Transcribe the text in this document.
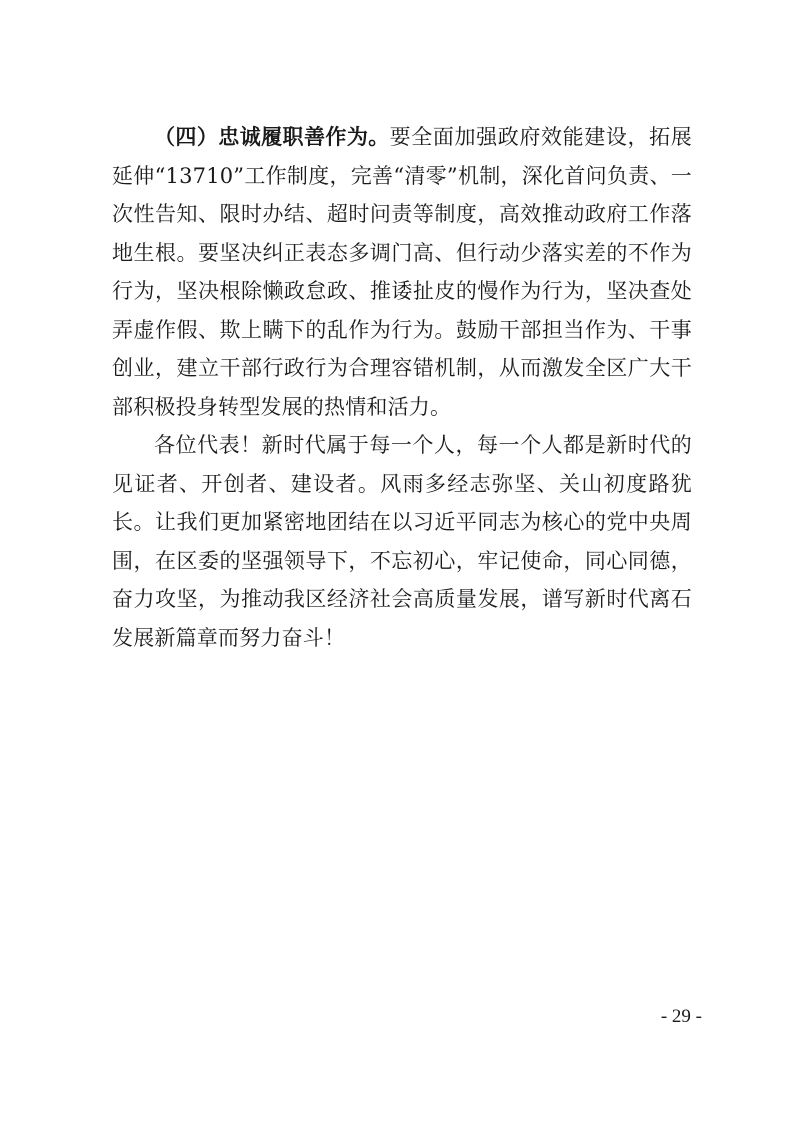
（四）忠诚履职善作为。要全面加强政府效能建设，拓展延伸“13710”工作制度，完善“清零”机制，深化首问负责、一次性告知、限时办结、超时问责等制度，高效推动政府工作落地生根。要坚决纠正表态多调门高、但行动少落实差的不作为行为，坚决根除懒政怠政、推诿扯皮的慢作为行为，坚决查处弄虚作假、欺上瞒下的乱作为行为。鼓励干部担当作为、干事创业，建立干部行政行为合理容错机制，从而激发全区广大干部积极投身转型发展的热情和活力。

各位代表！新时代属于每一个人，每一个人都是新时代的见证者、开创者、建设者。风雨多经志弥坚、关山初度路犹长。让我们更加紧密地团结在以习近平同志为核心的党中央周围，在区委的坚强领导下，不忘初心，牢记使命，同心同德，奋力攻坚，为推动我区经济社会高质量发展，谱写新时代离石发展新篇章而努力奋斗！

- 29 -
